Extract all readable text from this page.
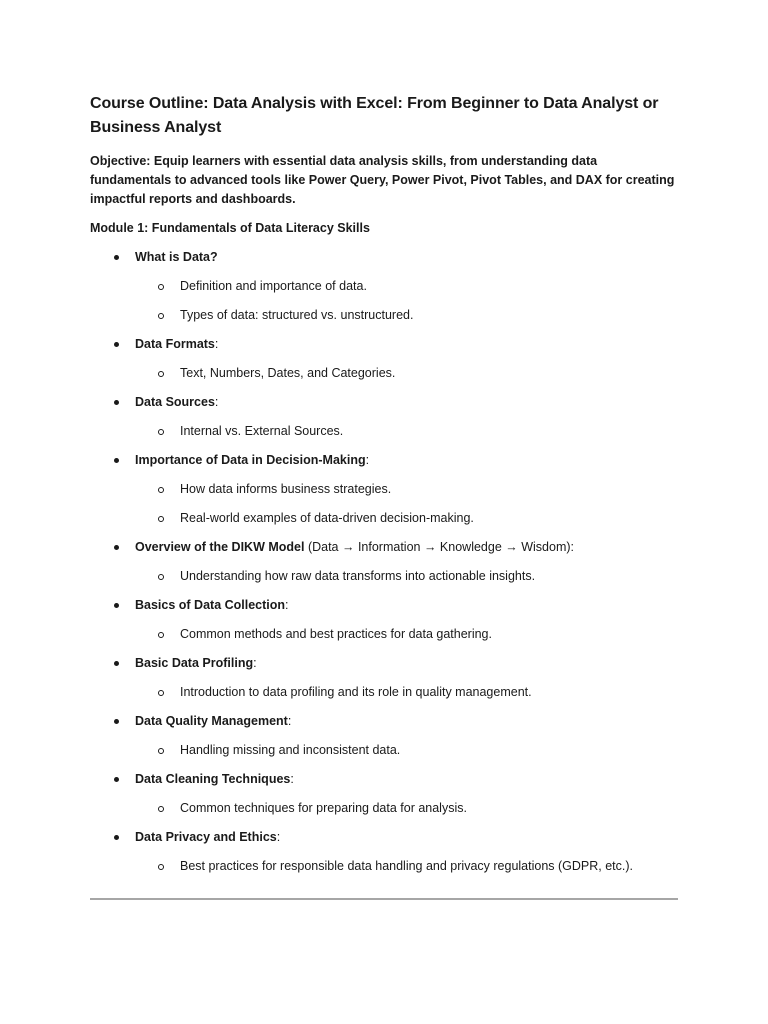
Course Outline: Data Analysis with Excel: From Beginner to Data Analyst or Business Analyst

Objective: Equip learners with essential data analysis skills, from understanding data fundamentals to advanced tools like Power Query, Power Pivot, Pivot Tables, and DAX for creating impactful reports and dashboards.

Module 1: Fundamentals of Data Literacy Skills

What is Data?
Definition and importance of data.
Types of data: structured vs. unstructured.
Data Formats:
Text, Numbers, Dates, and Categories.
Data Sources:
Internal vs. External Sources.
Importance of Data in Decision-Making:
How data informs business strategies.
Real-world examples of data-driven decision-making.
Overview of the DIKW Model (Data → Information → Knowledge → Wisdom):
Understanding how raw data transforms into actionable insights.
Basics of Data Collection:
Common methods and best practices for data gathering.
Basic Data Profiling:
Introduction to data profiling and its role in quality management.
Data Quality Management:
Handling missing and inconsistent data.
Data Cleaning Techniques:
Common techniques for preparing data for analysis.
Data Privacy and Ethics:
Best practices for responsible data handling and privacy regulations (GDPR, etc.).
